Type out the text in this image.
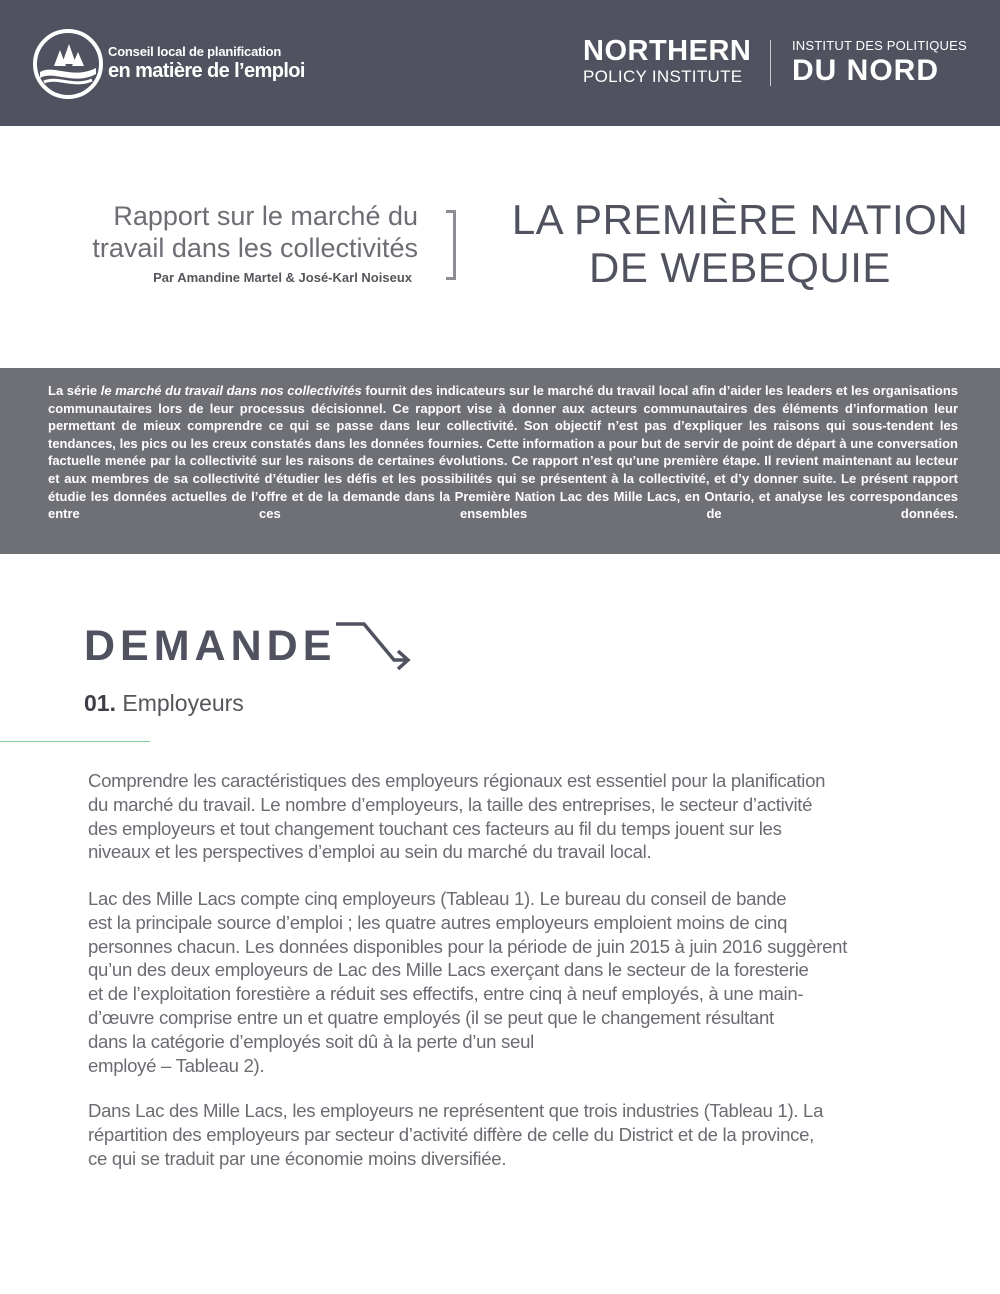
Conseil local de planification
en matière de l’emploi
NORTHERN
POLICY INSTITUTE
INSTITUT DES POLITIQUES
DU NORD
Rapport sur le marché du
travail dans les collectivités
Par Amandine Martel & José-Karl Noiseux
LA PREMIÈRE NATION
DE WEBEQUIE
La série le marché du travail dans nos collectivités fournit des indicateurs sur le marché du travail local afin d’aider les leaders et les organisations communautaires lors de leur processus décisionnel. Ce rapport vise à donner aux acteurs communautaires des éléments d’information leur permettant de mieux comprendre ce qui se passe dans leur collectivité. Son objectif n’est pas d’expliquer les raisons qui sous-tendent les tendances, les pics ou les creux constatés dans les données fournies. Cette information a pour but de servir de point de départ à une conversation factuelle menée par la collectivité sur les raisons de certaines évolutions. Ce rapport n’est qu’une première étape. Il revient maintenant au lecteur et aux membres de sa collectivité d’étudier les défis et les possibilités qui se présentent à la collectivité, et d’y donner suite. Le présent rapport étudie les données actuelles de l’offre et de la demande dans la Première Nation Lac des Mille Lacs, en Ontario, et analyse les correspondances entre ces ensembles de données.
DEMANDE
01. Employeurs
Comprendre les caractéristiques des employeurs régionaux est essentiel pour la planification
du marché du travail. Le nombre d’employeurs, la taille des entreprises, le secteur d’activité
des employeurs et tout changement touchant ces facteurs au fil du temps jouent sur les
niveaux et les perspectives d’emploi au sein du marché du travail local.
Lac des Mille Lacs compte cinq employeurs (Tableau 1). Le bureau du conseil de bande
est la principale source d’emploi ; les quatre autres employeurs emploient moins de cinq
personnes chacun. Les données disponibles pour la période de juin 2015 à juin 2016 suggèrent
qu’un des deux employeurs de Lac des Mille Lacs exerçant dans le secteur de la foresterie
et de l’exploitation forestière a réduit ses effectifs, entre cinq à neuf employés, à une main-
d’œuvre comprise entre un et quatre employés (il se peut que le changement résultant
dans la catégorie d’employés soit dû à la perte d’un seul
employé – Tableau 2).
Dans Lac des Mille Lacs, les employeurs ne représentent que trois industries (Tableau 1). La
répartition des employeurs par secteur d’activité diffère de celle du District et de la province,
ce qui se traduit par une économie moins diversifiée.
